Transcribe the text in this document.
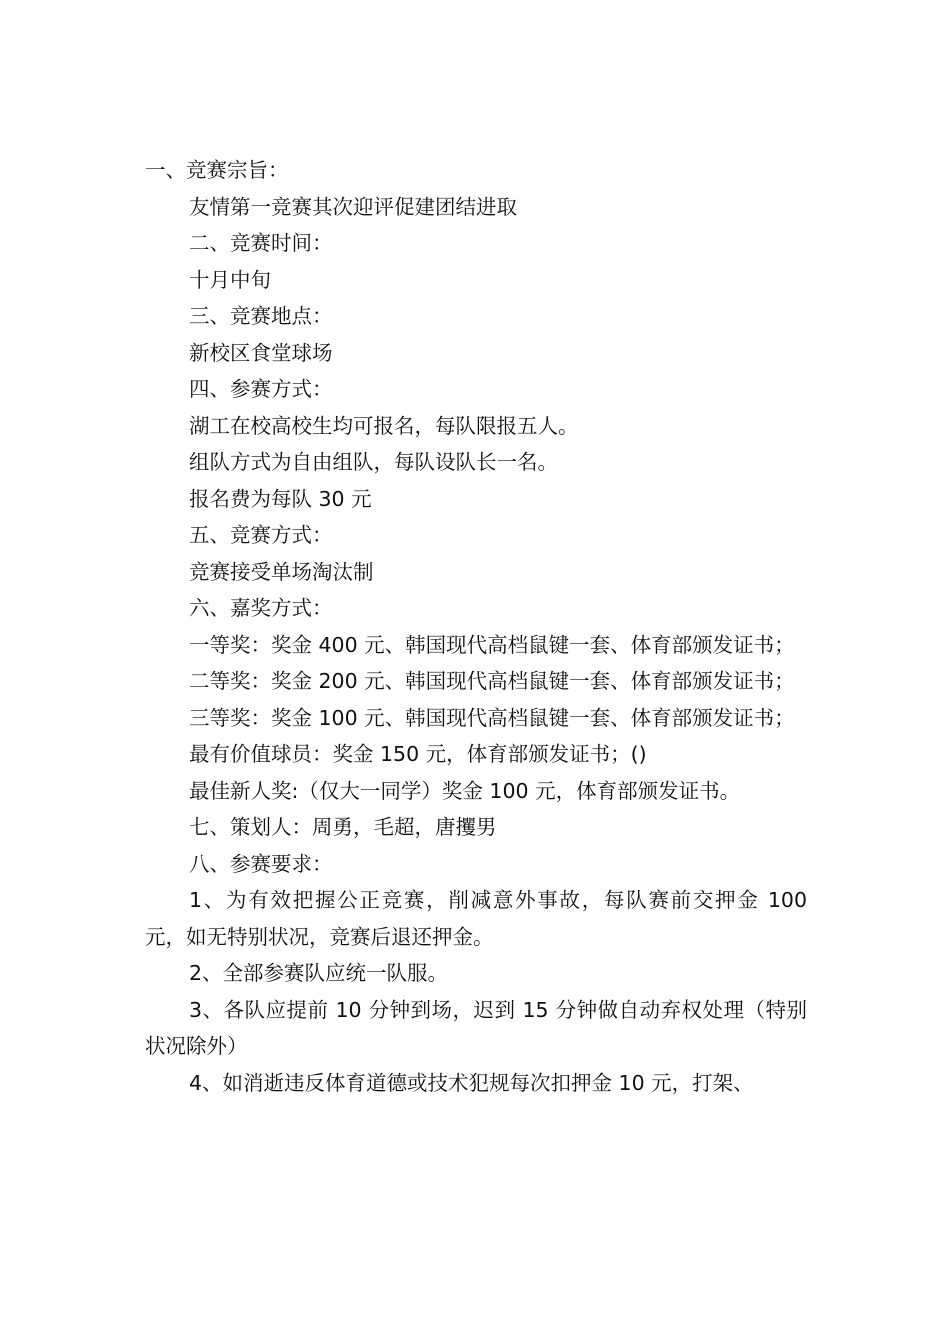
一、竞赛宗旨：

友情第一竞赛其次迎评促建团结进取

二、竞赛时间：

十月中旬

三、竞赛地点：

新校区食堂球场

四、参赛方式：

湖工在校高校生均可报名，每队限报五人。

组队方式为自由组队，每队设队长一名。

报名费为每队 30 元

五、竞赛方式：

竞赛接受单场淘汰制

六、嘉奖方式：

一等奖：奖金 400 元、韩国现代高档鼠键一套、体育部颁发证书；

二等奖：奖金 200 元、韩国现代高档鼠键一套、体育部颁发证书；

三等奖：奖金 100 元、韩国现代高档鼠键一套、体育部颁发证书；

最有价值球员：奖金 150 元，体育部颁发证书；()

最佳新人奖:（仅大一同学）奖金 100 元，体育部颁发证书。

七、策划人：周勇，毛超，唐攫男

八、参赛要求：

1、为有效把握公正竞赛，削减意外事故，每队赛前交押金 100 元，如无特别状况，竞赛后退还押金。

2、全部参赛队应统一队服。

3、各队应提前 10 分钟到场，迟到 15 分钟做自动弃权处理（特别状况除外）

4、如消逝违反体育道德或技术犯规每次扣押金 10 元，打架、
